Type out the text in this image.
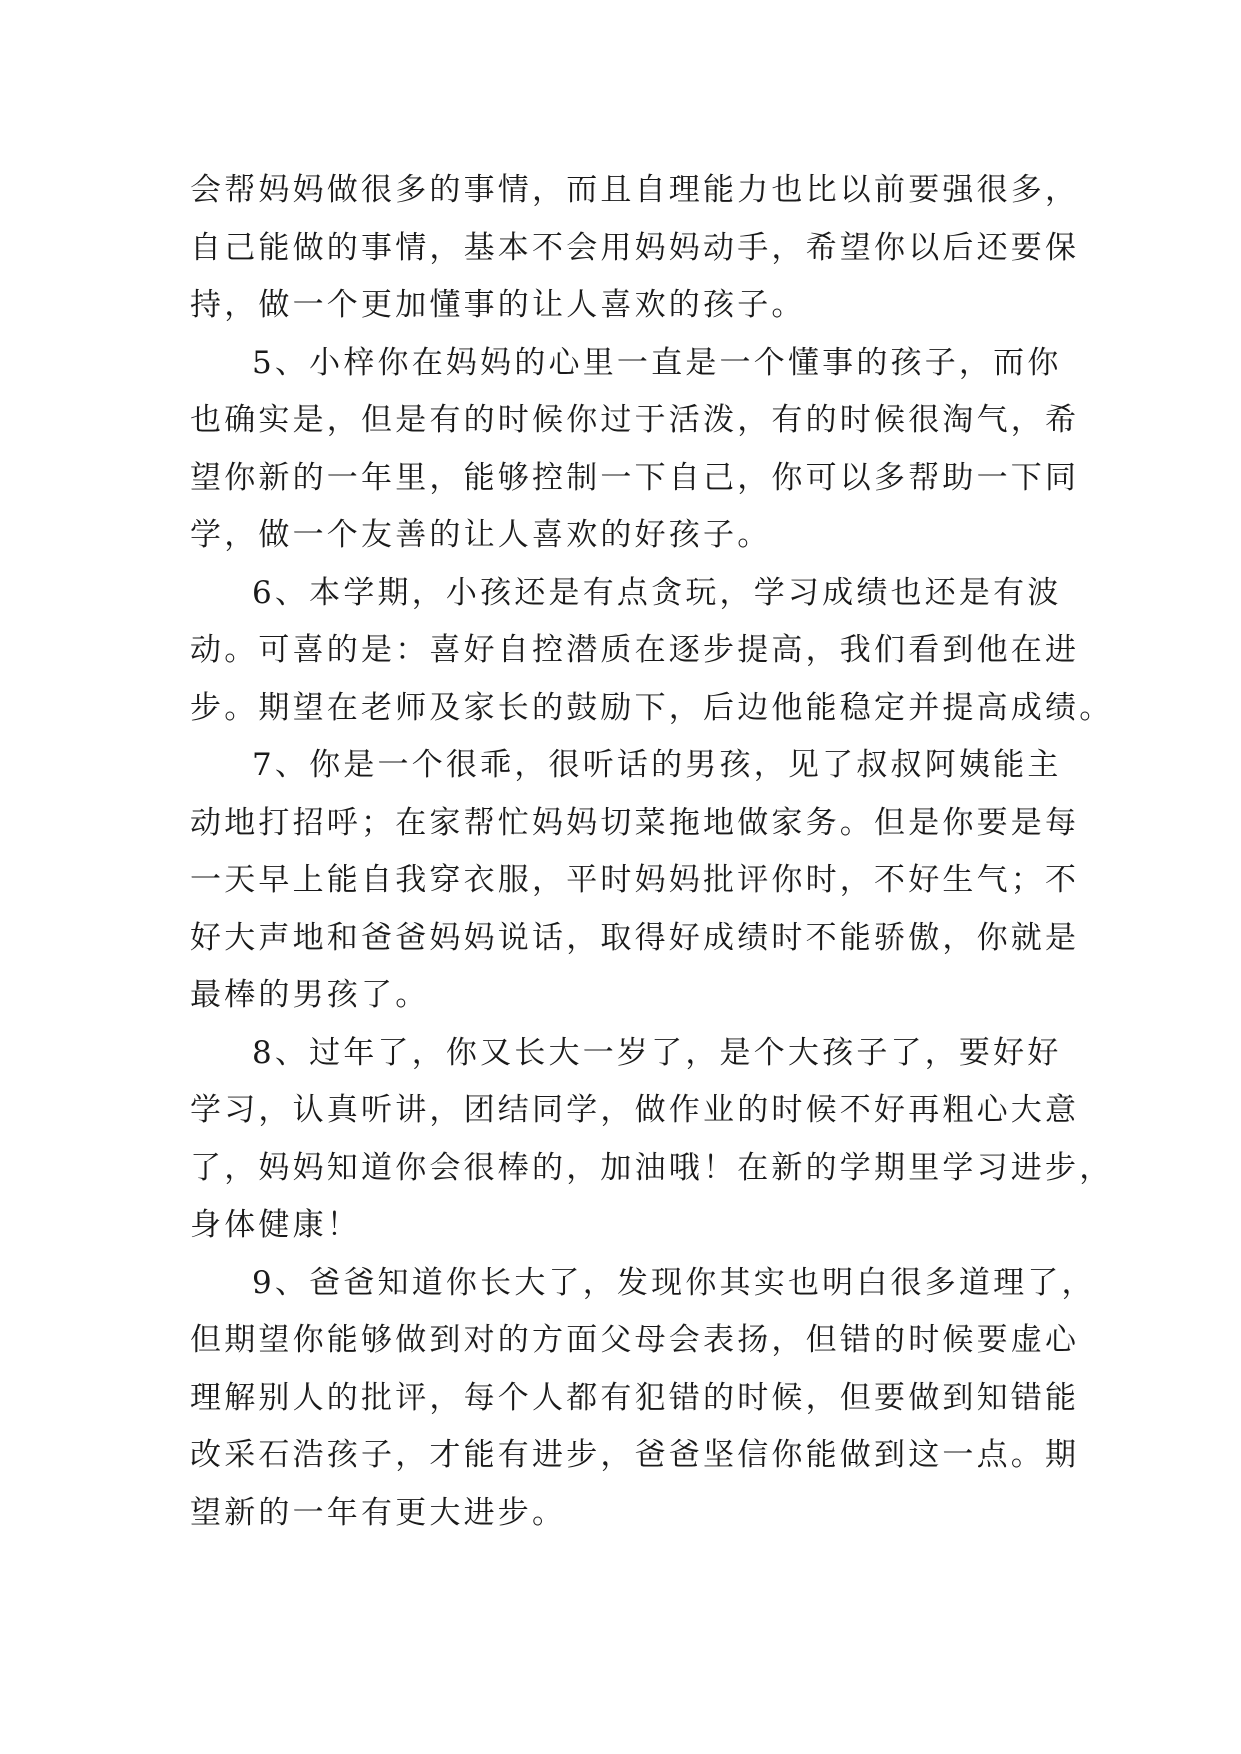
会帮妈妈做很多的事情，而且自理能力也比以前要强很多，
自己能做的事情，基本不会用妈妈动手，希望你以后还要保
持，做一个更加懂事的让人喜欢的孩子。
5、小梓你在妈妈的心里一直是一个懂事的孩子，而你
也确实是，但是有的时候你过于活泼，有的时候很淘气，希
望你新的一年里，能够控制一下自己，你可以多帮助一下同
学，做一个友善的让人喜欢的好孩子。
6、本学期，小孩还是有点贪玩，学习成绩也还是有波
动。可喜的是：喜好自控潜质在逐步提高，我们看到他在进
步。期望在老师及家长的鼓励下，后边他能稳定并提高成绩。
7、你是一个很乖，很听话的男孩，见了叔叔阿姨能主
动地打招呼；在家帮忙妈妈切菜拖地做家务。但是你要是每
一天早上能自我穿衣服，平时妈妈批评你时，不好生气；不
好大声地和爸爸妈妈说话，取得好成绩时不能骄傲，你就是
最棒的男孩了。
8、过年了，你又长大一岁了，是个大孩子了，要好好
学习，认真听讲，团结同学，做作业的时候不好再粗心大意
了，妈妈知道你会很棒的，加油哦！在新的学期里学习进步，
身体健康！
9、爸爸知道你长大了，发现你其实也明白很多道理了，
但期望你能够做到对的方面父母会表扬，但错的时候要虚心
理解别人的批评，每个人都有犯错的时候，但要做到知错能
改采石浩孩子，才能有进步，爸爸坚信你能做到这一点。期
望新的一年有更大进步。
